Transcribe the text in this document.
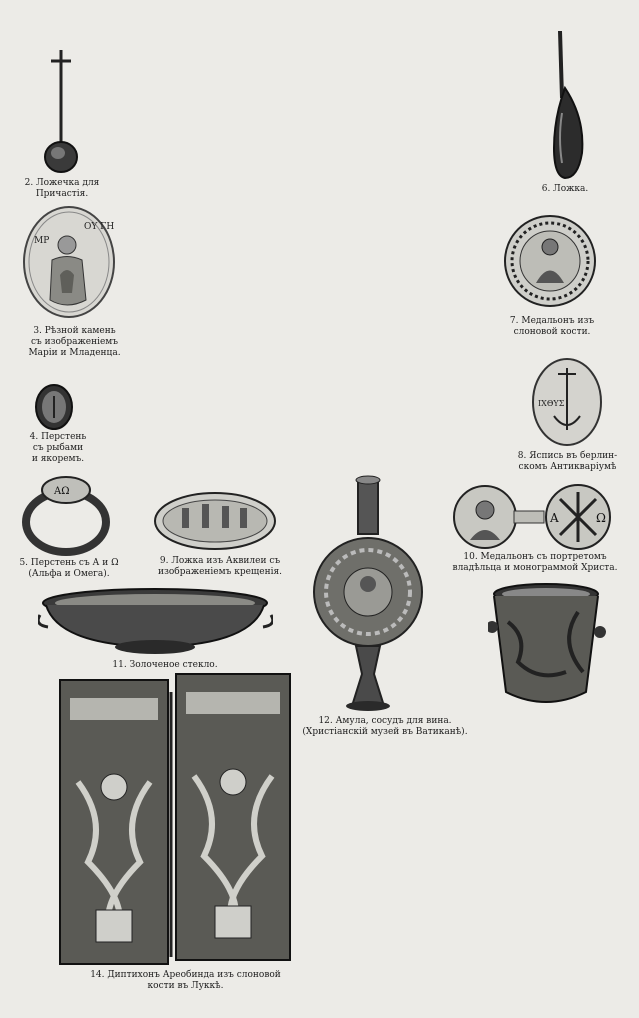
2. Ложечка для
Причастія.	6. Ложка.
ΜΡ
ΟΥ ΓΗ
3. Рѣзной камень
съ изображеніемъ
Маріи и Младенца.
7. Медальонъ изъ
слоновой кости.
4. Перстень
съ рыбами
и якоремъ.
ΙΧΘΥΣ
8. Яспись въ берлин-
скомъ Антикваріумѣ
ΑΩ
5. Перстень съ А и Ω
(Альфа и Омега).
9. Ложка изъ Аквилеи съ
изображеніемъ крещенія.
Α	Ω
10. Медальонъ съ портретомъ
владѣльца и монограммой Христа.
11. Золоченое стекло.
12. Амула, сосудъ для вина.
(Христіанскій музей въ Ватиканѣ).
14. Диптихонъ Ареобинда изъ слоновой
кости въ Луккѣ.
